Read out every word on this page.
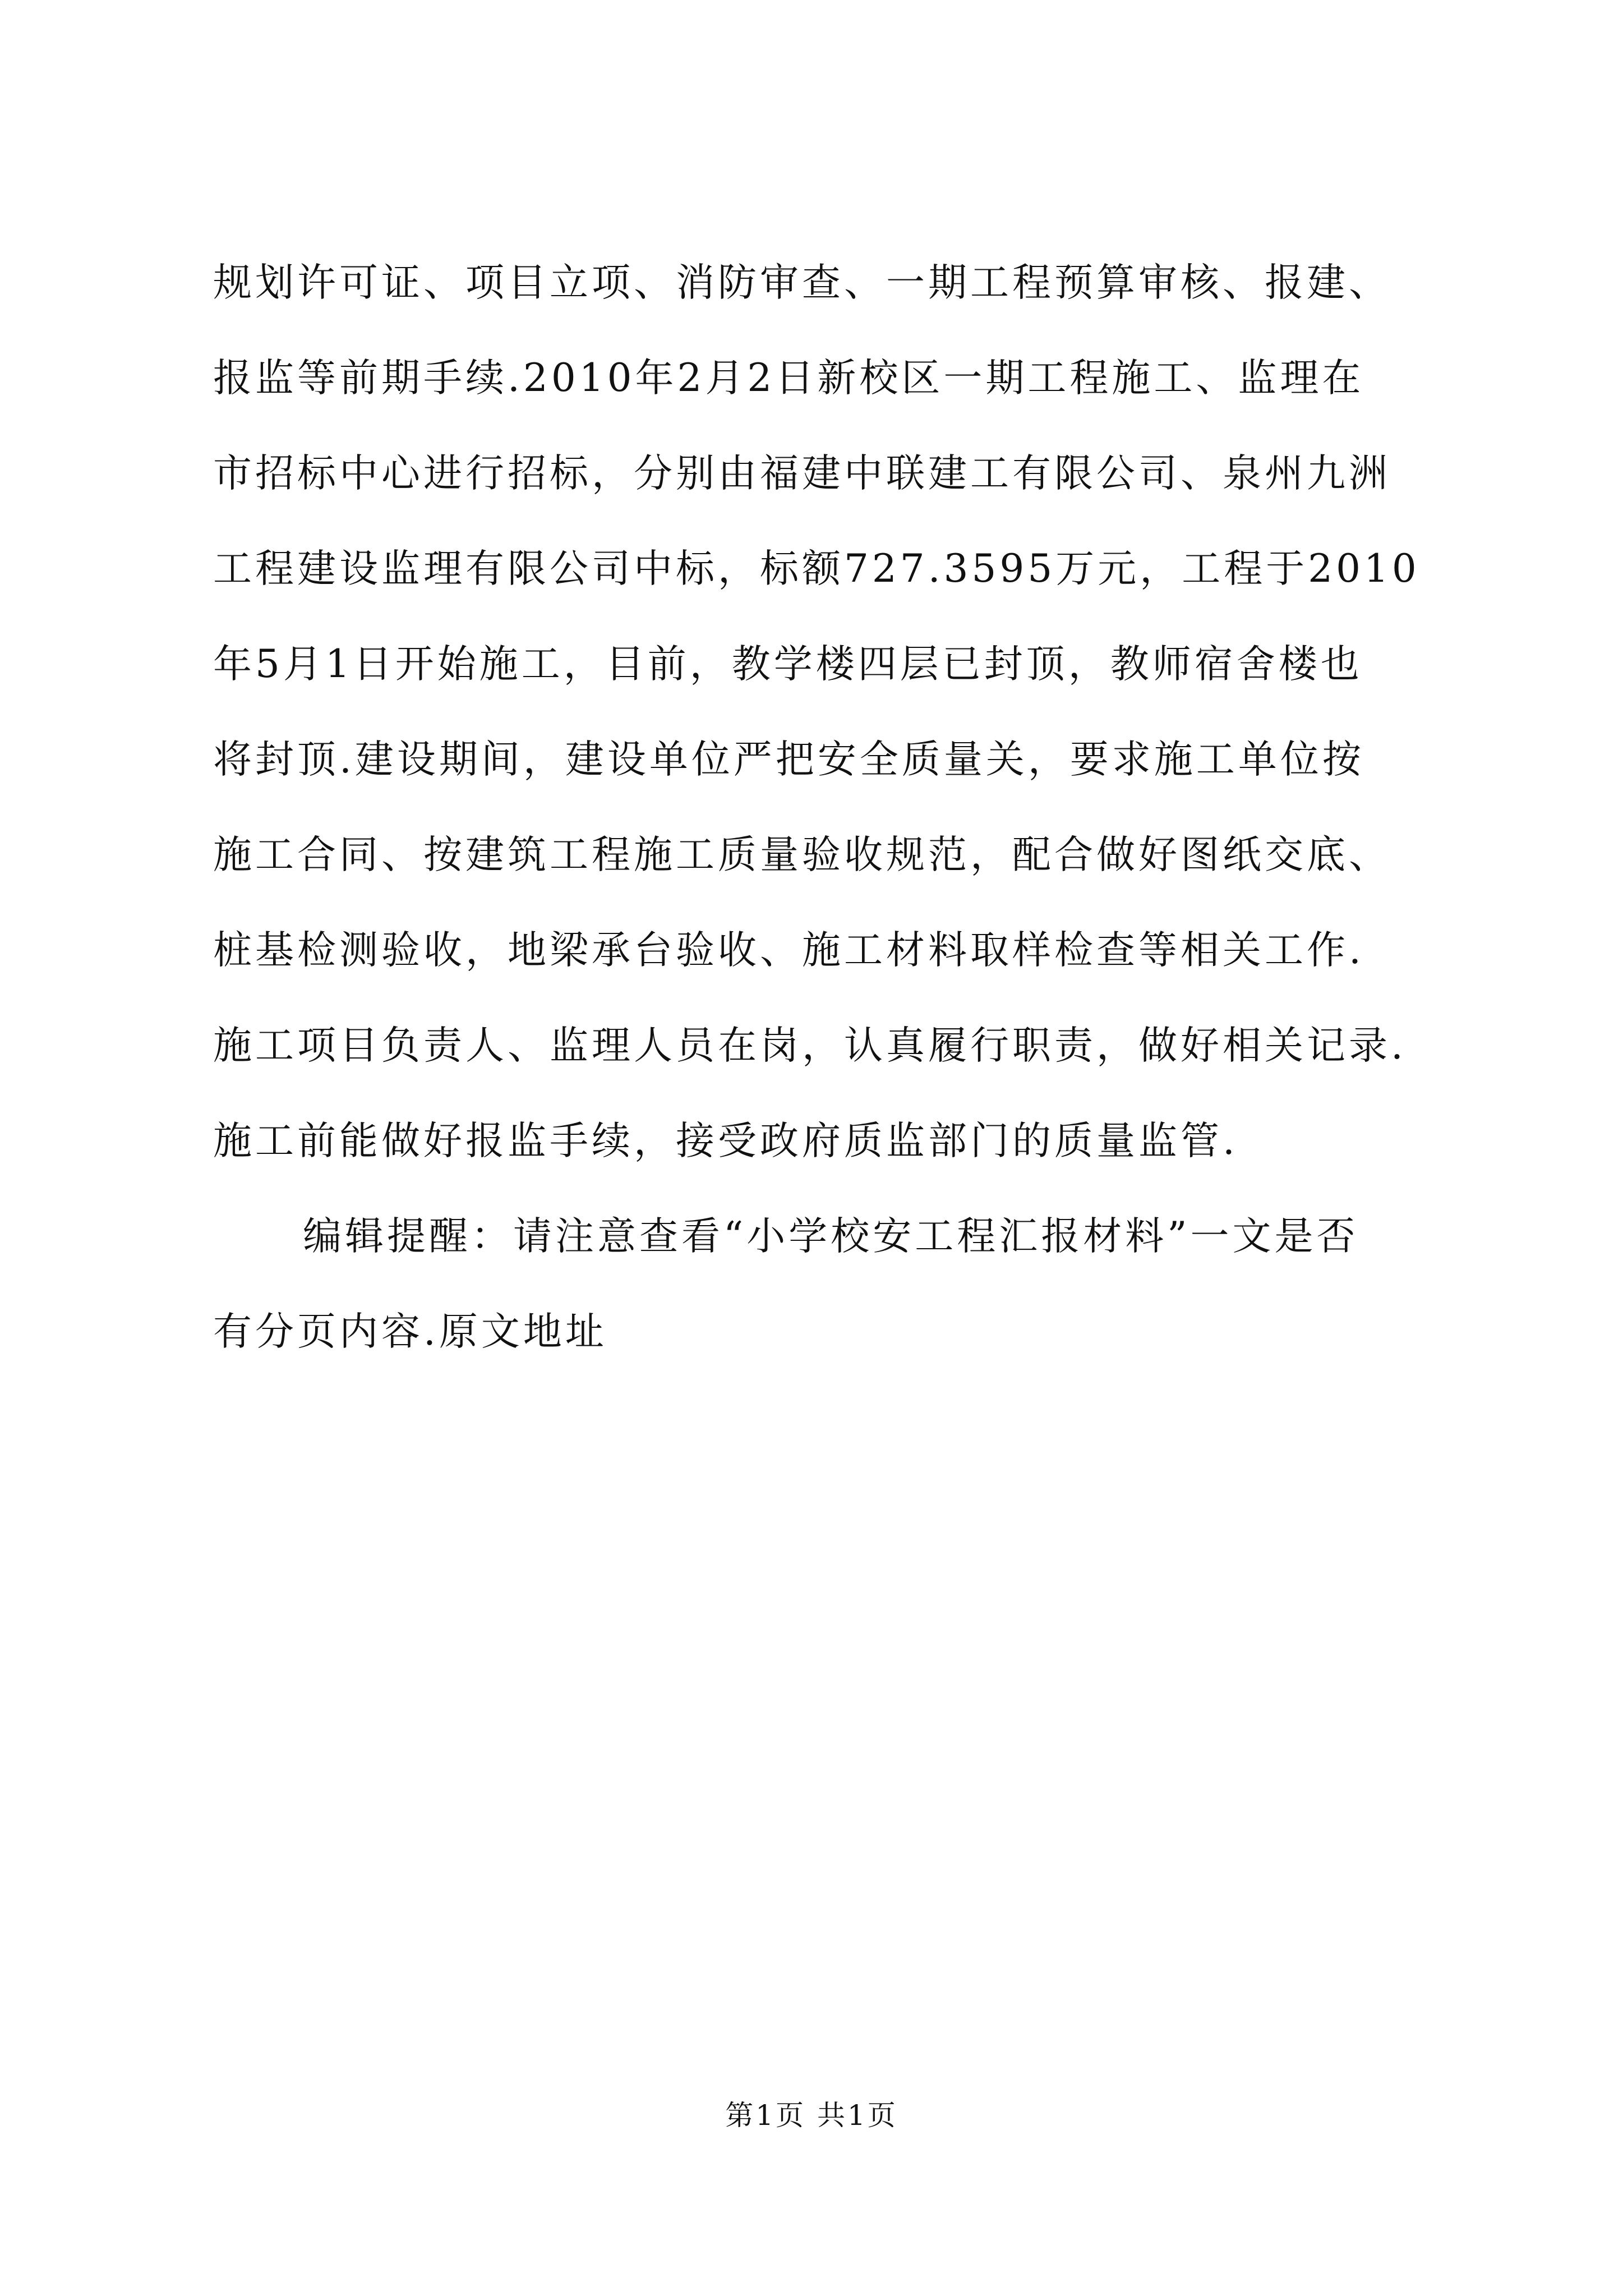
规划许可证、项目立项、消防审查、一期工程预算审核、报建、
报监等前期手续.2010年2月2日新校区一期工程施工、监理在
市招标中心进行招标，分别由福建中联建工有限公司、泉州九洲
工程建设监理有限公司中标，标额727.3595万元，工程于2010
年5月1日开始施工，目前，教学楼四层已封顶，教师宿舍楼也
将封顶.建设期间，建设单位严把安全质量关，要求施工单位按
施工合同、按建筑工程施工质量验收规范，配合做好图纸交底、
桩基检测验收，地梁承台验收、施工材料取样检查等相关工作.
施工项目负责人、监理人员在岗，认真履行职责，做好相关记录.
施工前能做好报监手续，接受政府质监部门的质量监管.
编辑提醒：请注意查看“小学校安工程汇报材料”一文是否
有分页内容.原文地址
第1页 共1页
